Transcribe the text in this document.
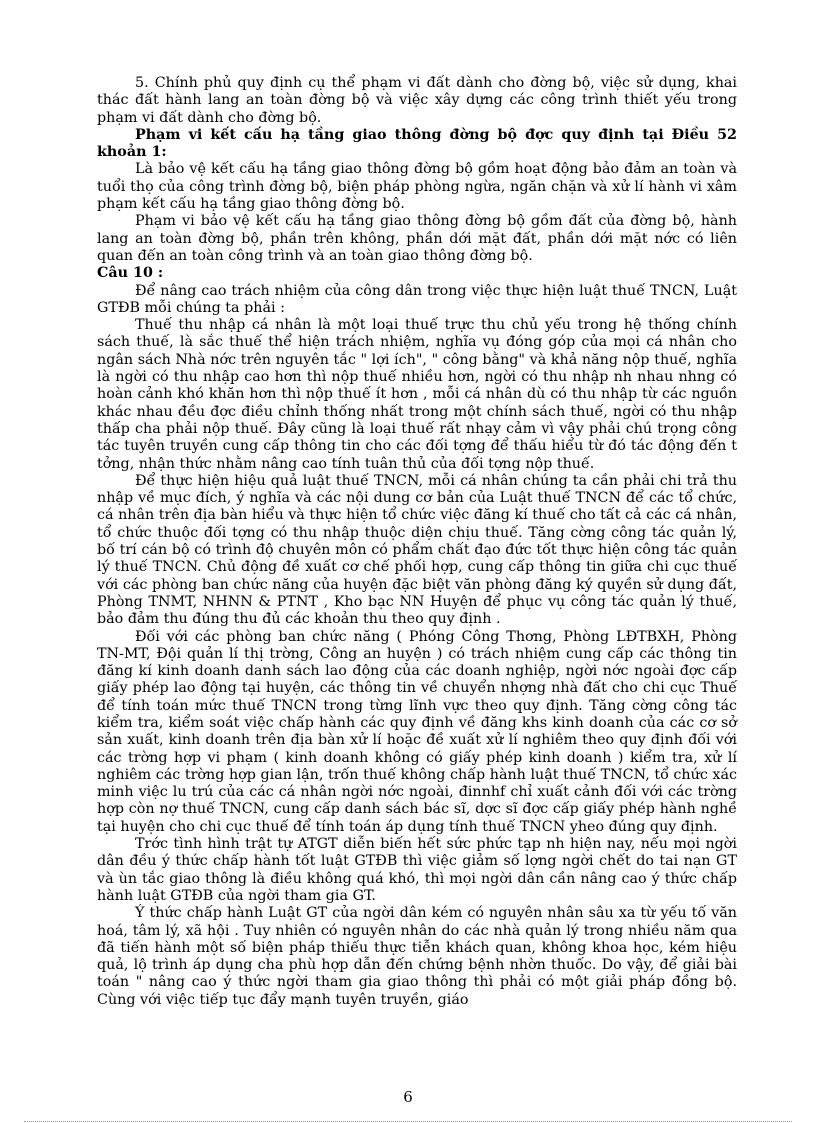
5. Chính phủ quy định cụ thể phạm vi đất dành cho đờng bộ, việc sử dụng, khai thác đất hành lang an toàn đờng bộ và việc xây dựng các công trình thiết yếu trong phạm vi đất dành cho đờng bộ.

Phạm vi kết cấu hạ tầng giao thông đờng bộ đợc quy định tại Điều 52 khoản 1:

Là bảo vệ kết cấu hạ tầng giao thông đờng bộ gồm hoạt động bảo đảm an toàn và tuổi thọ của công trình đờng bộ, biện pháp phòng ngừa, ngăn chặn và xử lí hành vi xâm phạm kết cấu hạ tầng giao thông đờng bộ.

Phạm vi bảo vệ kết cấu hạ tầng giao thông đờng bộ gồm đất của đờng bộ, hành lang an toàn đờng bộ, phần trên không, phần dới mặt đất, phần dới mặt nớc có liên quan đến an toàn công trình và an toàn giao thông đờng bộ.

Câu 10 :

Để nâng cao trách nhiệm của công dân trong việc thực hiện luật thuế TNCN, Luật GTĐB mỗi chúng ta phải :

Thuế thu nhập cá nhân là một loại thuế trực thu chủ yếu trong hệ thống chính sách thuế, là sắc thuế thể hiện trách nhiệm, nghĩa vụ đóng góp của mọi cá nhân cho ngân sách Nhà nớc trên nguyên tắc " lợi ích", " công bằng" và khả năng nộp thuế, nghĩa là ngời có thu nhập cao hơn thì nộp thuế nhiều hơn, ngời có thu nhập nh nhau nhng có hoàn cảnh khó khăn hơn thì nộp thuế ít hơn , mỗi cá nhân dù có thu nhập từ các nguồn khác nhau đều đợc điều chỉnh thống nhất trong một chính sách thuế, ngời có thu nhập thấp cha phải nộp thuế. Đây cũng là loại thuế rất nhạy cảm vì vậy phải chú trọng công tác tuyên truyền cung cấp thông tin cho các đối tợng để thấu hiểu từ đó tác động đến t tởng, nhận thức nhằm nâng cao tính tuân thủ của đối tợng nộp thuế.

Để thực hiện hiệu quả luật thuế TNCN, mỗi cá nhân chúng ta cần phải chi trả thu nhập về mục đích, ý nghĩa và các nội dung cơ bản của Luật thuế TNCN để các tổ chức, cá nhân trên địa bàn hiểu và thực hiện tổ chức việc đăng kí thuế cho tất cả các cá nhân, tổ chức thuộc đối tợng có thu nhập thuộc diện chịu thuế. Tăng cờng công tác quản lý, bố trí cán bộ có trình độ chuyên môn có phẩm chất đạo đức tốt thực hiện công tác quản lý thuế TNCN. Chủ động đề xuất cơ chế phối hợp, cung cấp thông tin giữa chi cục thuế với các phòng ban chức năng của huyện đặc biệt văn phòng đăng ký quyền sử dụng đất, Phòng TNMT, NHNN & PTNT , Kho bạc NN Huyện để phục vụ công tác quản lý thuế, bảo đảm thu đúng thu đủ các khoản thu theo quy định .

Đối với các phòng ban chức năng ( Phóng Công Thơng, Phòng LĐTBXH, Phòng TN-MT, Đội quản lí thị trờng, Công an huyện ) có trách nhiệm cung cấp các thông tin đăng kí kinh doanh danh sách lao động của các doanh nghiệp, ngời nớc ngoài đợc cấp giấy phép lao động tại huyện, các thông tin về chuyển nhợng nhà đất cho chi cục Thuế để tính toán mức thuế TNCN trong từng lĩnh vực theo quy định. Tăng cờng công tác kiểm tra, kiểm soát việc chấp hành các quy định về đăng khs kinh doanh của các cơ sở sản xuất, kinh doanh trên địa bàn xử lí hoặc đề xuất xử lí nghiêm theo quy định đối với các trờng hợp vi phạm ( kinh doanh không có giấy phép kinh doanh ) kiểm tra, xử lí nghiêm các trờng hợp gian lận, trốn thuế không chấp hành luật thuế TNCN, tổ chức xác minh việc lu trú của các cá nhân ngời nớc ngoài, đinnhf chỉ xuất cảnh đối với các trờng hợp còn nợ thuế TNCN, cung cấp danh sách bác sĩ, dợc sĩ đợc cấp giấy phép hành nghề tại huyện cho chi cục thuế để tính toán áp dụng tính thuế TNCN yheo đúng quy định.

Trớc tình hình trật tự ATGT diễn biến hết sức phức tạp nh hiện nay, nếu mọi ngời dân đều ý thức chấp hành tốt luật GTĐB thì việc giảm số lợng ngời chết do tai nạn GT và ùn tắc giao thông là điều không quá khó, thì mọi ngời dân cần nâng cao ý thức chấp hành luật GTĐB của ngời tham gia GT.

Ý thức chấp hành Luật GT của ngời dân kém có nguyên nhân sâu xa từ yếu tố văn hoá, tâm lý, xã hội . Tuy nhiên có nguyên nhân do các nhà quản lý trong nhiều năm qua đã tiến hành một số biện pháp thiếu thực tiễn khách quan, không khoa học, kém hiệu quả, lộ trình áp dụng cha phù hợp dẫn đến chứng bệnh nhờn thuốc. Do vậy, để giải bài toán " nâng cao ý thức ngời tham gia giao thông thì phải có một giải pháp đồng bộ. Cùng với việc tiếp tục đẩy mạnh tuyên truyền, giáo

6
